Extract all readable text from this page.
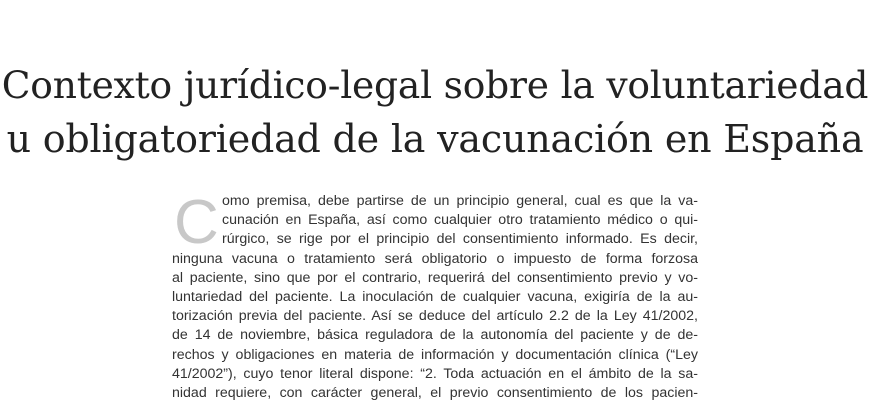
Contexto jurídico-legal sobre la voluntariedad
u obligatoriedad de la vacunación en España
C omo premisa, debe partirse de un principio general, cual es que la va-
cunación en España, así como cualquier otro tratamiento médico o qui-
rúrgico, se rige por el principio del consentimiento informado. Es decir,
ninguna vacuna o tratamiento será obligatorio o impuesto de forma forzosa
al paciente, sino que por el contrario, requerirá del consentimiento previo y vo-
luntariedad del paciente. La inoculación de cualquier vacuna, exigiría de la au-
torización previa del paciente. Así se deduce del artículo 2.2 de la Ley 41/2002,
de 14 de noviembre, básica reguladora de la autonomía del paciente y de de-
rechos y obligaciones en materia de información y documentación clínica (“Ley
41/2002”), cuyo tenor literal dispone: “2. Toda actuación en el ámbito de la sa-
nidad requiere, con carácter general, el previo consentimiento de los pacien-
